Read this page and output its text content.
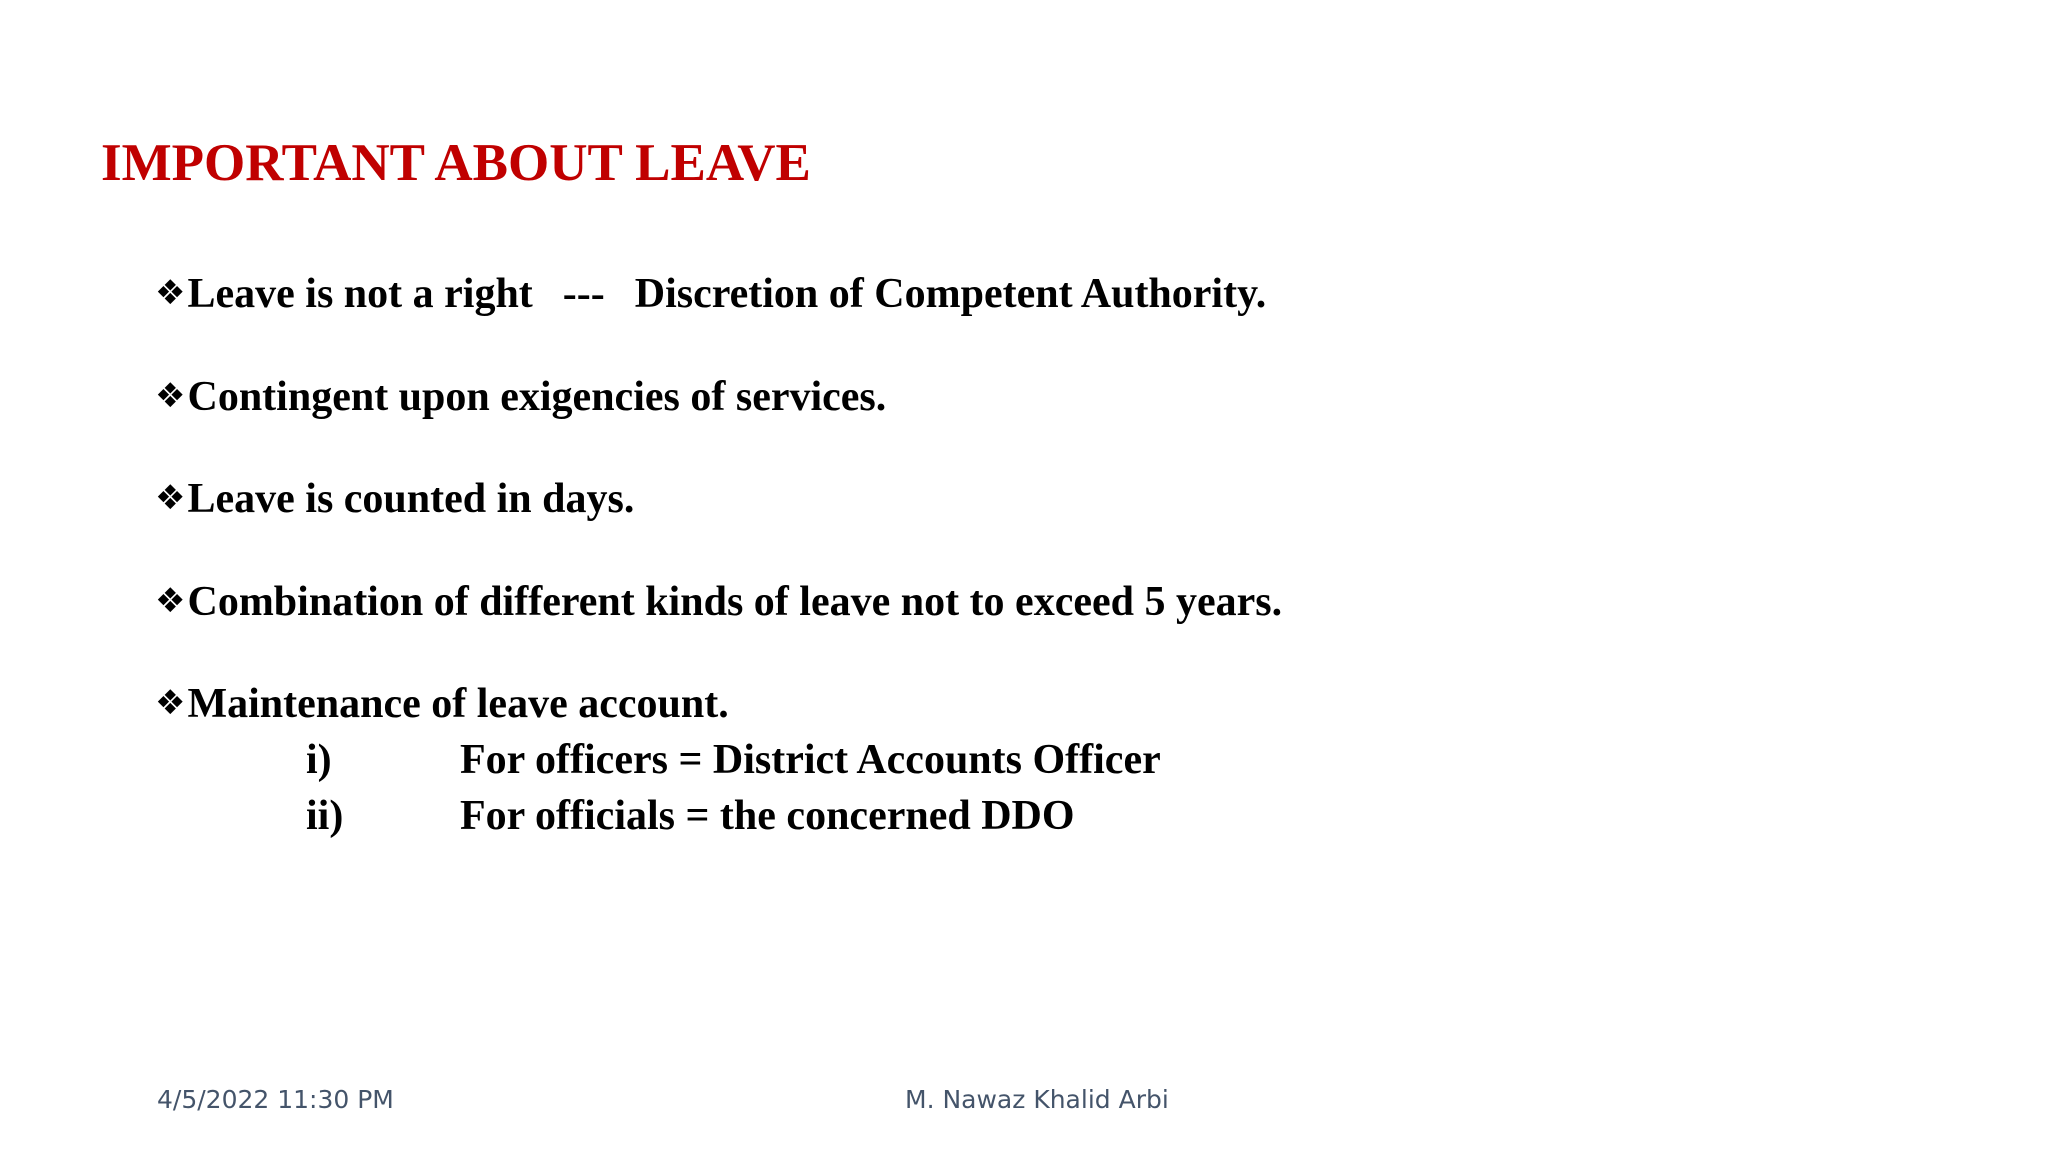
IMPORTANT ABOUT LEAVE
❖Leave is not a right --- Discretion of Competent Authority.
❖Contingent upon exigencies of services.
❖Leave is counted in days.
❖Combination of different kinds of leave not to exceed 5 years.
❖Maintenance of leave account.
i)	For officers = District Accounts Officer
ii)	For officials = the concerned DDO
4/5/2022 11:30 PM	M. Nawaz Khalid Arbi
